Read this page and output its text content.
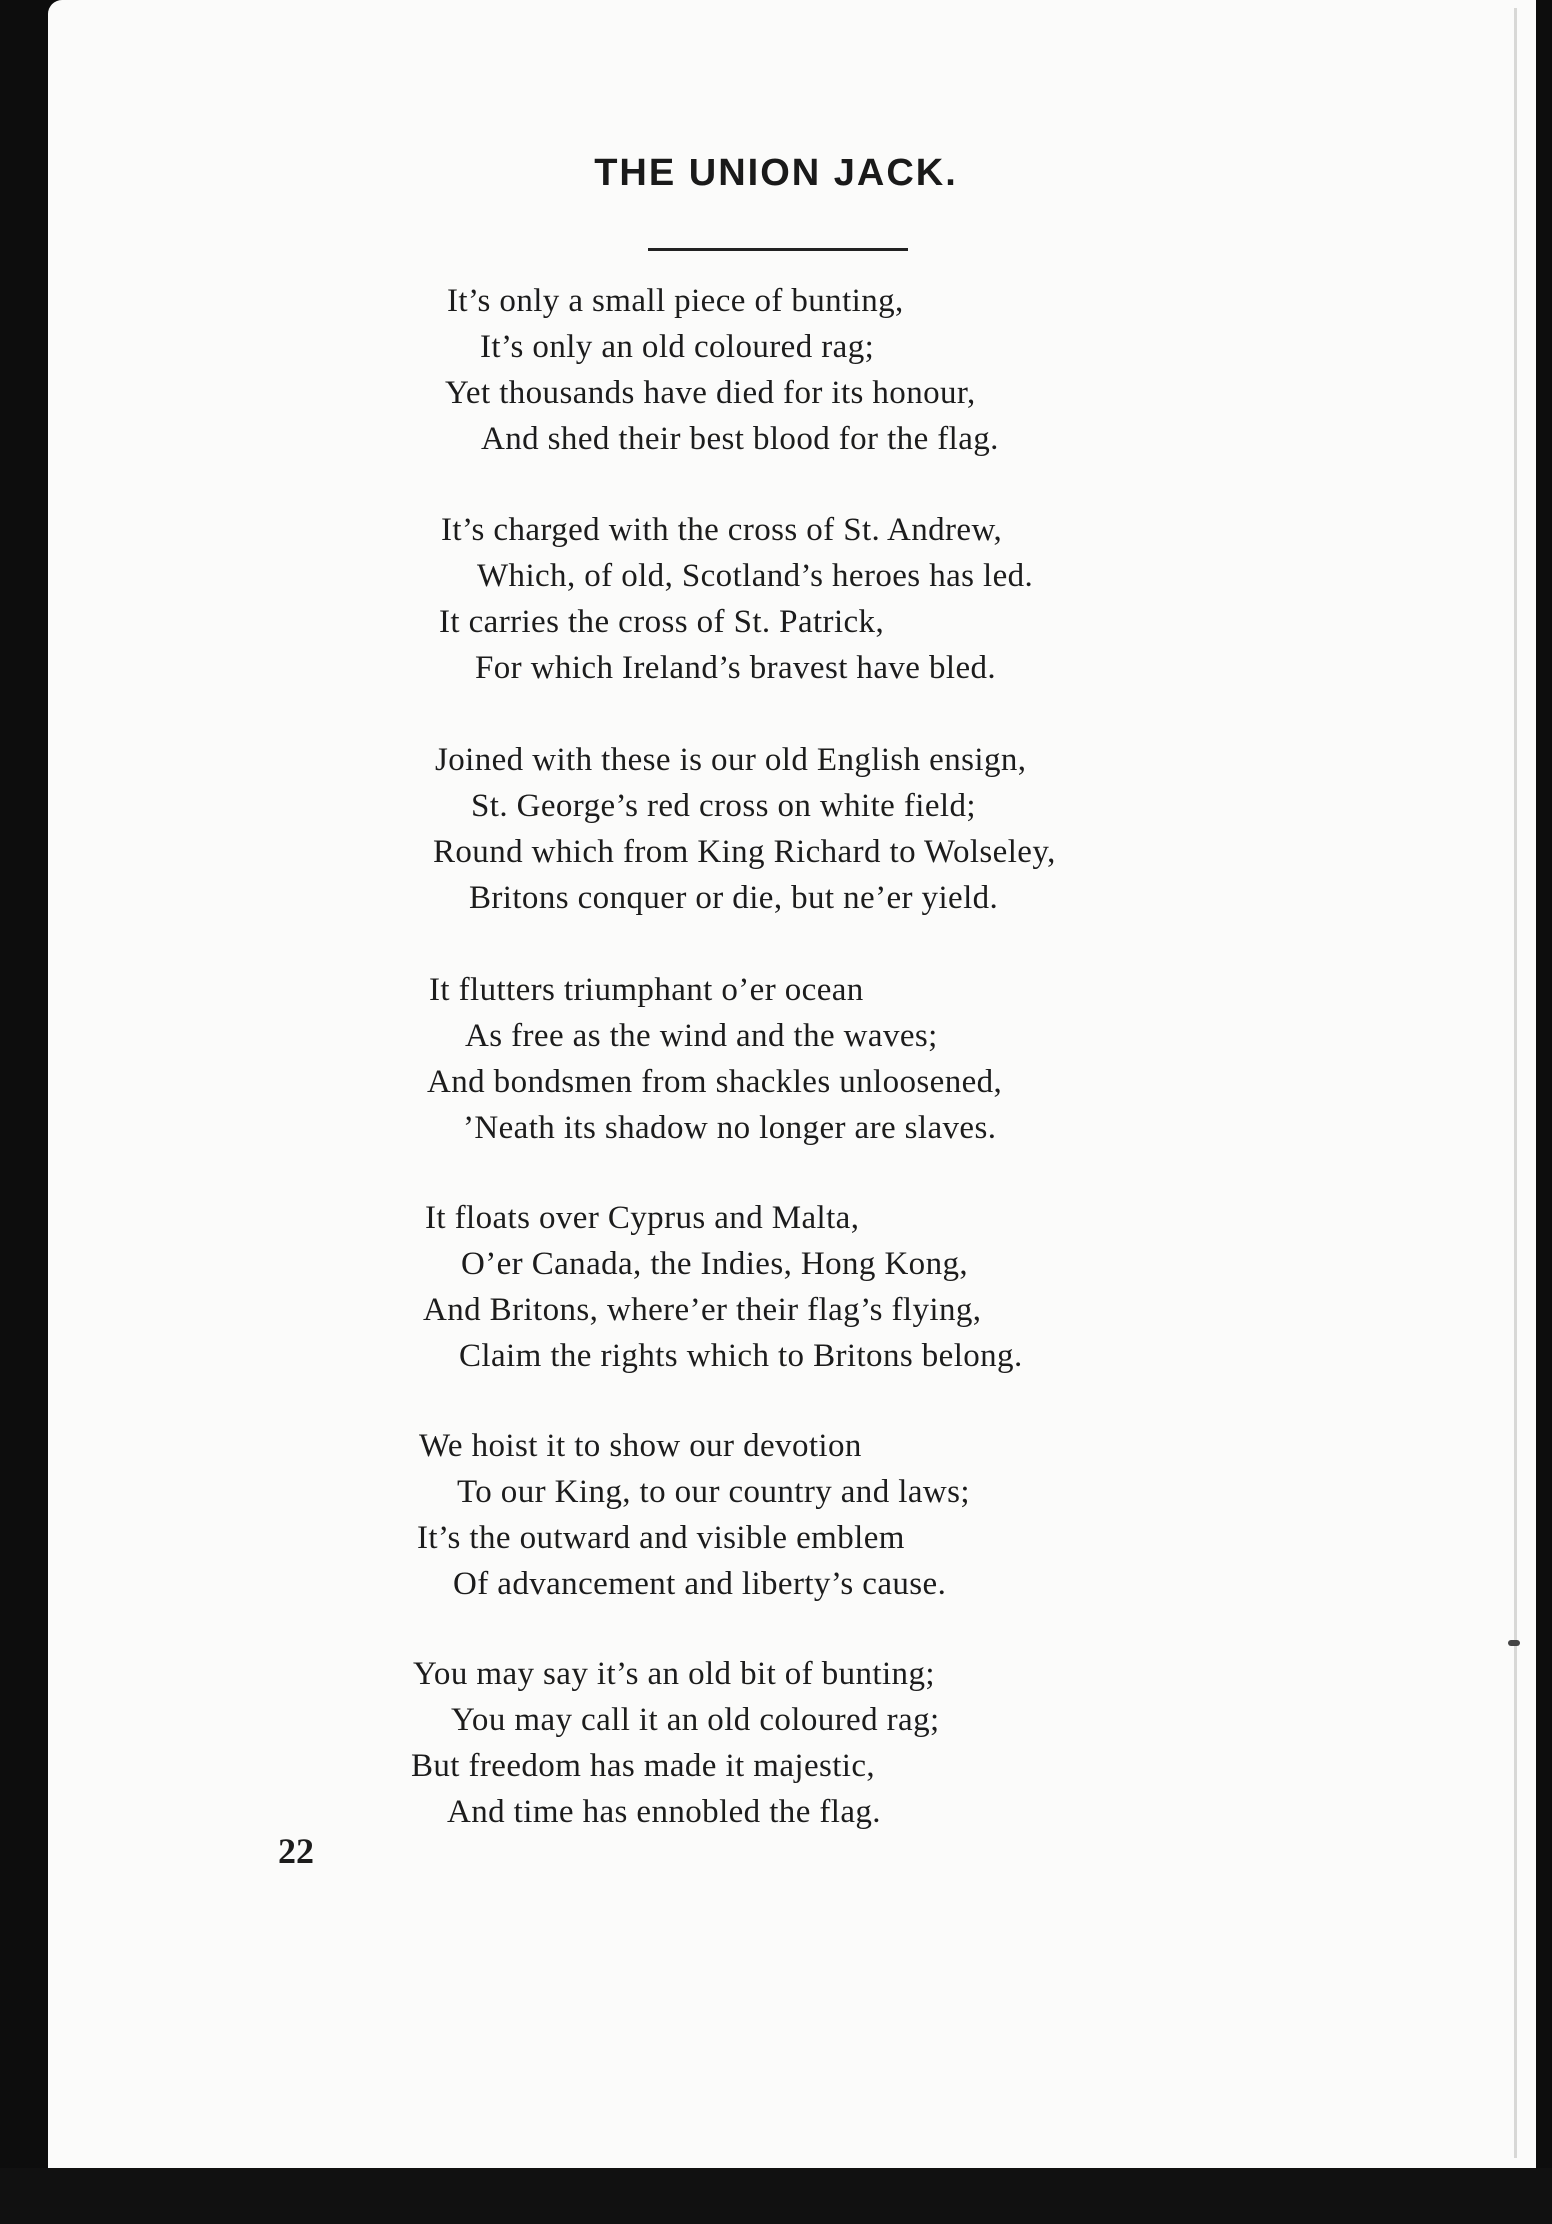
THE UNION JACK.
It’s only a small piece of bunting,
It’s only an old coloured rag;
Yet thousands have died for its honour,
And shed their best blood for the flag.
It’s charged with the cross of St. Andrew,
Which, of old, Scotland’s heroes has led.
It carries the cross of St. Patrick,
For which Ireland’s bravest have bled.
Joined with these is our old English ensign,
St. George’s red cross on white field;
Round which from King Richard to Wolseley,
Britons conquer or die, but ne’er yield.
It flutters triumphant o’er ocean
As free as the wind and the waves;
And bondsmen from shackles unloosened,
’Neath its shadow no longer are slaves.
It floats over Cyprus and Malta,
O’er Canada, the Indies, Hong Kong,
And Britons, where’er their flag’s flying,
Claim the rights which to Britons belong.
We hoist it to show our devotion
To our King, to our country and laws;
It’s the outward and visible emblem
Of advancement and liberty’s cause.
You may say it’s an old bit of bunting;
You may call it an old coloured rag;
But freedom has made it majestic,
And time has ennobled the flag.
22
